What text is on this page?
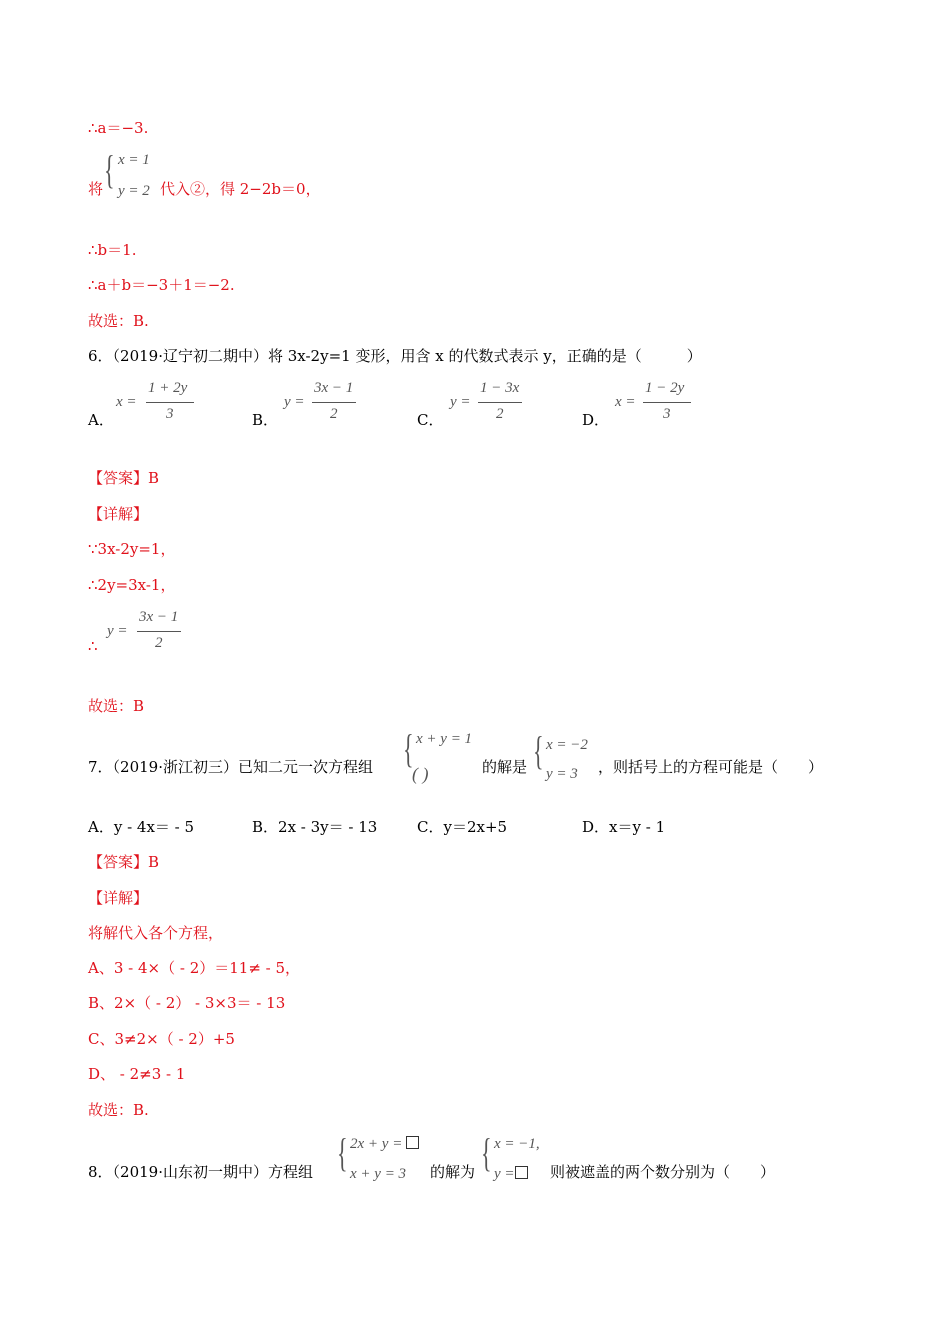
∴a＝−3.
将 { x = 1
y = 2 代入②，得 2−2b＝0，
∴b＝1.
∴a＋b＝−3＋1＝−2.
故选：B.
6．（2019·辽宁初二期中）将 3x-2y=1 变形，用含 x 的代数式表示 y，正确的是（　　　）
A．
x =
1 + 2y
3	B．
y =
3x − 1
2	C．
y =
1 − 3x
2	D．
x =
1 − 2y
3
【答案】B
【详解】
∵3x-2y=1，
∴2y=3x-1，
∴
y =
3x − 1
2
故选：B
7．（2019·浙江初三）已知二元一次方程组 { x + y = 1
( )	的解是 { x = −2
y = 3 ，则括号上的方程可能是（　　）
A．y - 4x＝ - 5	B．2x - 3y＝ - 13	C．y＝2x+5	D．x＝y - 1
【答案】B
【详解】
将解代入各个方程，
A、3 - 4×（ - 2）＝11≠ - 5，
B、2×（ - 2） - 3×3＝ - 13
C、3≠2×（ - 2）+5
D、 - 2≠3 - 1
故选：B.
8．（2019·山东初一期中）方程组 { 2x + y =
x + y = 3 的解为 { x = −1,
y =	则被遮盖的两个数分别为（　　）
